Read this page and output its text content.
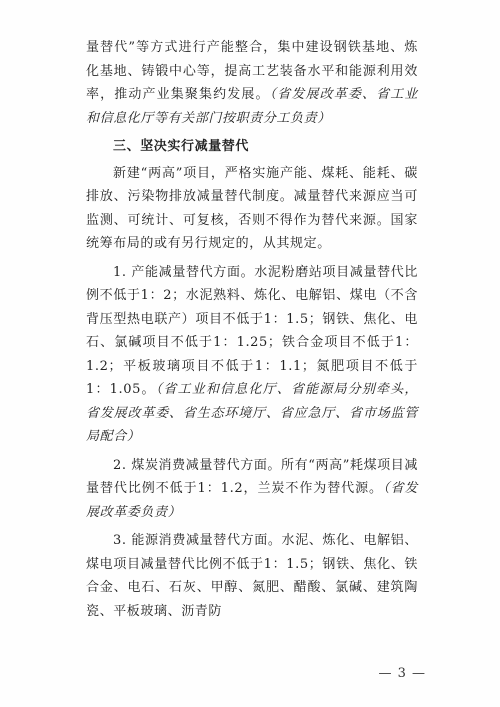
量替代”等方式进行产能整合，集中建设钢铁基地、炼化基地、铸锻中心等，提高工艺装备水平和能源利用效率，推动产业集聚集约发展。（省发展改革委、省工业和信息化厅等有关部门按职责分工负责）

三、坚决实行减量替代

新建“两高”项目，严格实施产能、煤耗、能耗、碳排放、污染物排放减量替代制度。减量替代来源应当可监测、可统计、可复核，否则不得作为替代来源。国家统筹布局的或有另行规定的，从其规定。

1. 产能减量替代方面。水泥粉磨站项目减量替代比例不低于1：2；水泥熟料、炼化、电解铝、煤电（不含背压型热电联产）项目不低于1：1.5；钢铁、焦化、电石、氯碱项目不低于1：1.25；铁合金项目不低于1：1.2；平板玻璃项目不低于1：1.1；氮肥项目不低于1：1.05。（省工业和信息化厅、省能源局分别牵头，省发展改革委、省生态环境厅、省应急厅、省市场监管局配合）

2. 煤炭消费减量替代方面。所有“两高”耗煤项目减量替代比例不低于1：1.2，兰炭不作为替代源。（省发展改革委负责）

3. 能源消费减量替代方面。水泥、炼化、电解铝、煤电项目减量替代比例不低于1：1.5；钢铁、焦化、铁合金、电石、石灰、甲醇、氮肥、醋酸、氯碱、建筑陶瓷、平板玻璃、沥青防

— 3 —
